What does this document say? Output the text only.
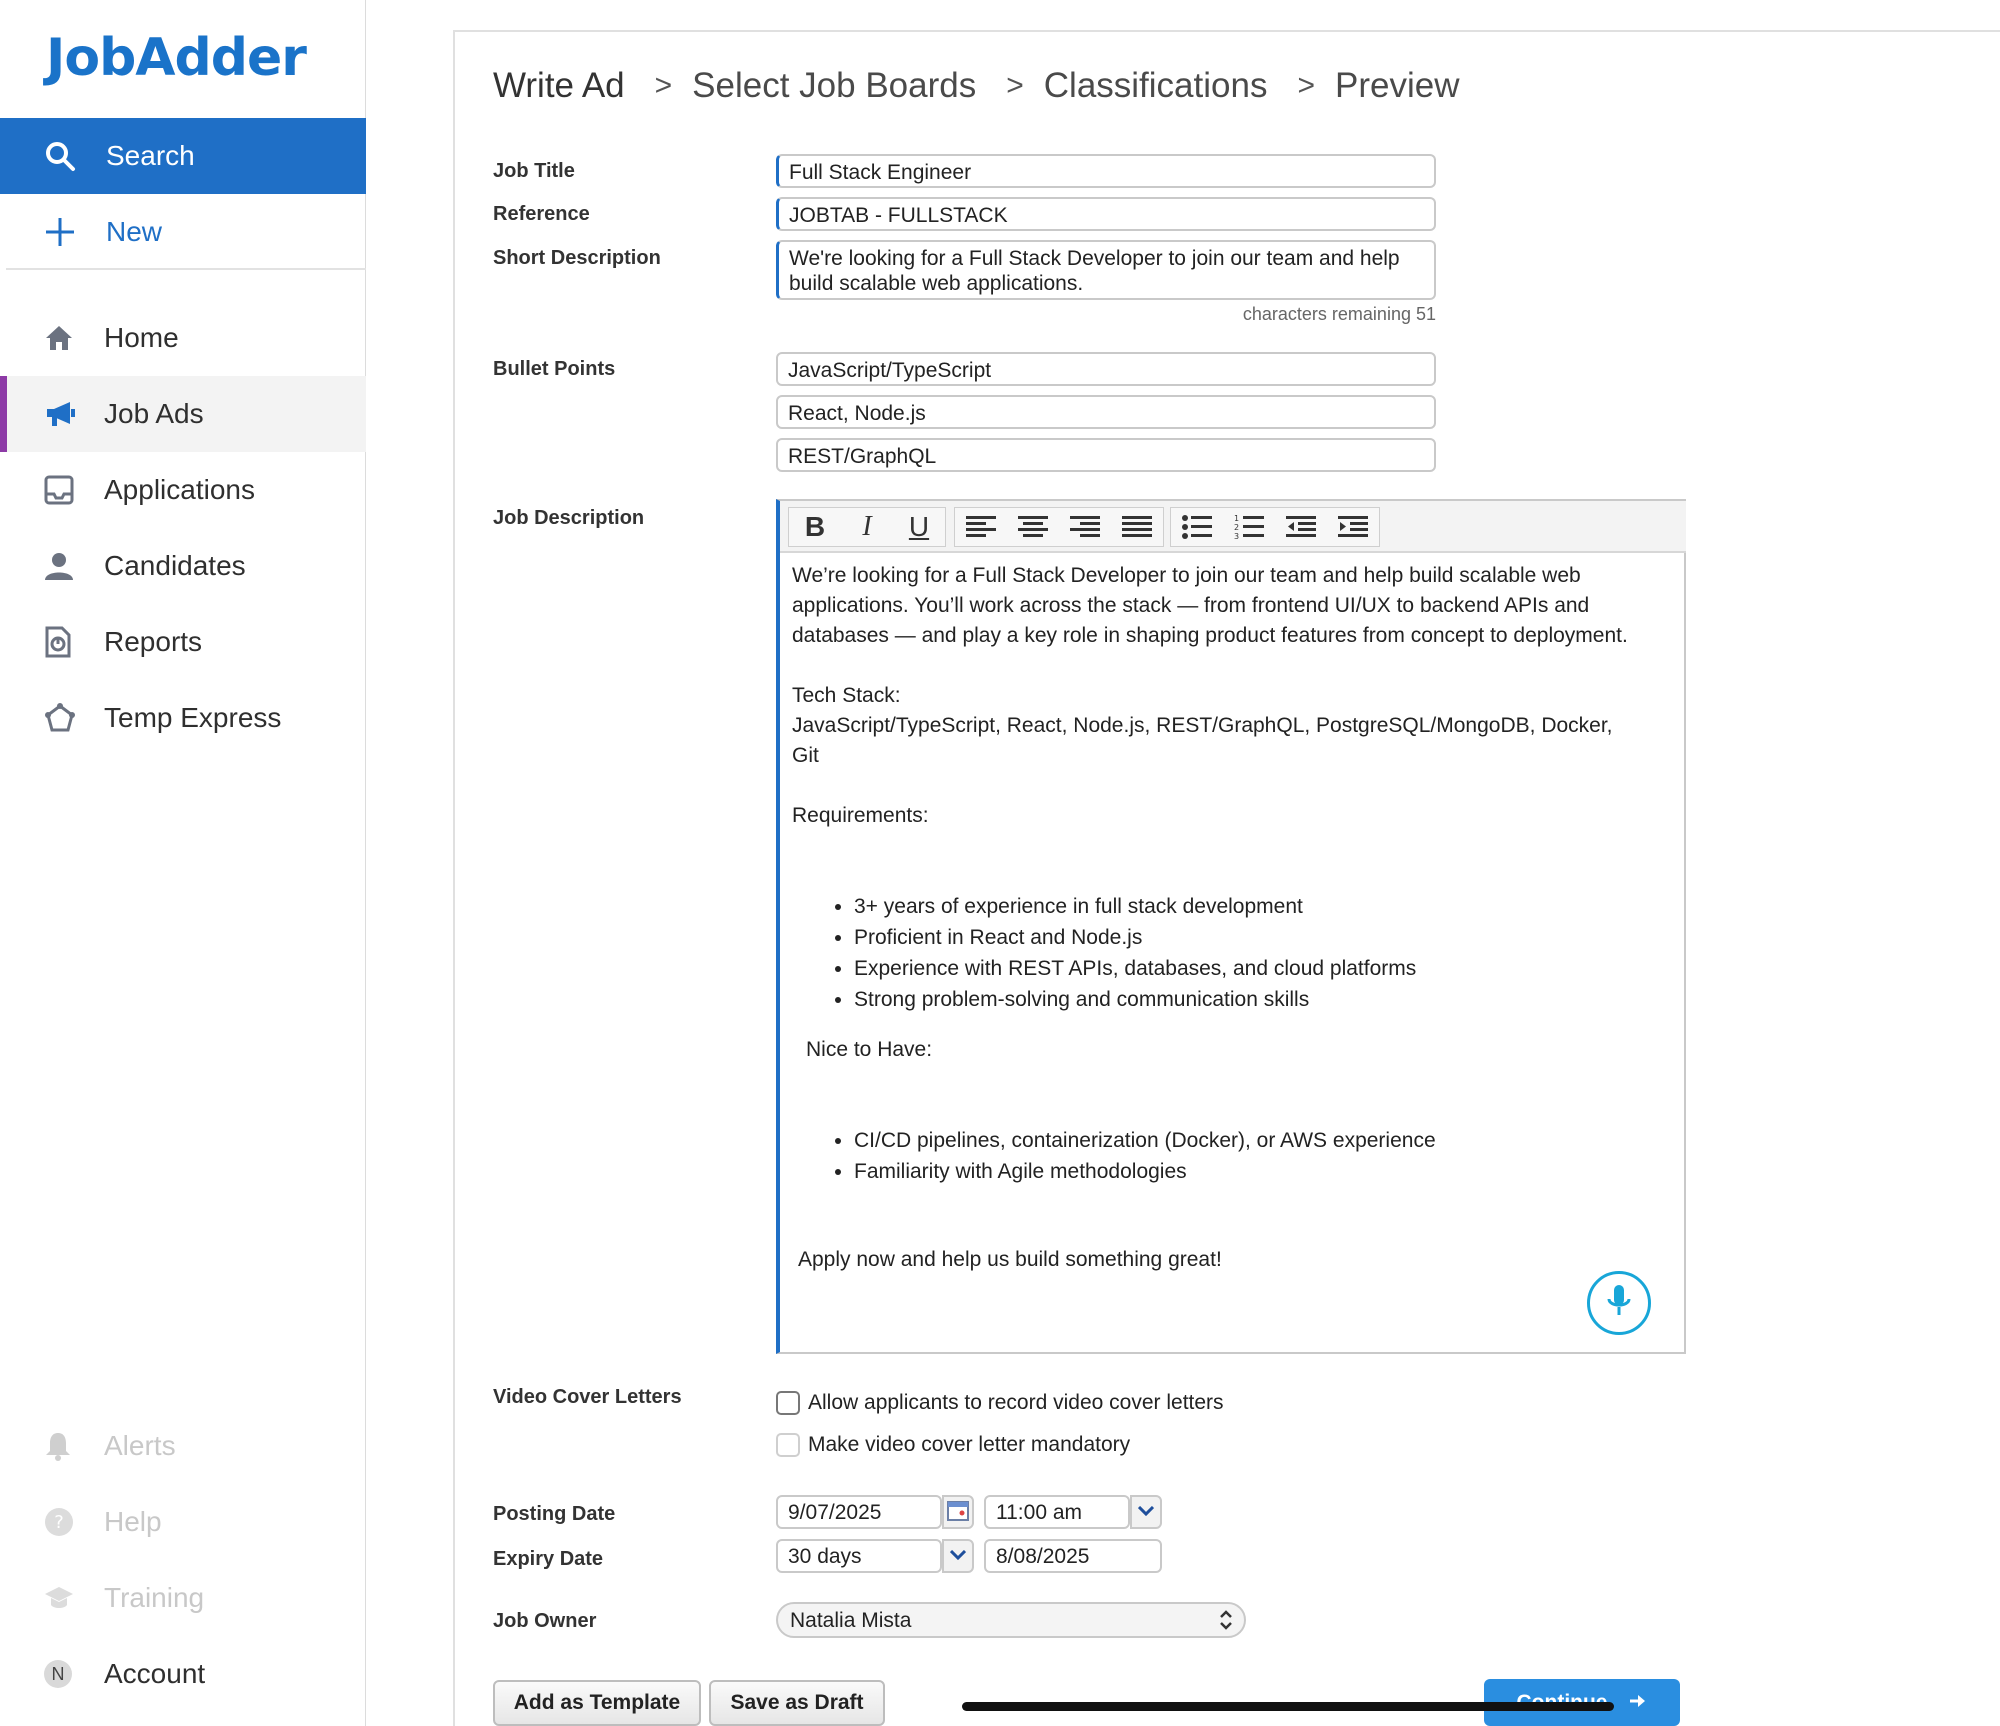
JobAdder
Search
New
Home
Job Ads
Applications
Candidates
Reports
Temp Express
Alerts
? Help
Training
N Account
Write Ad > Select Job Boards > Classifications > Preview
Job Title	Full Stack Engineer
Reference	JOBTAB - FULLSTACK
Short Description	We're looking for a Full Stack Developer to join our team and help build scalable web applications.
characters remaining 51
Bullet Points	JavaScript/TypeScript
React, Node.js
REST/GraphQL
Job Description	B	I	U	1
2
3

We’re looking for a Full Stack Developer to join our team and help build scalable web applications. You’ll work across the stack — from frontend UI/UX to backend APIs and databases — and play a key role in shaping product features from concept to deployment.

Tech Stack:

JavaScript/TypeScript, React, Node.js, REST/GraphQL, PostgreSQL/MongoDB, Docker, Git

Requirements:

• 3+ years of experience in full stack development
• Proficient in React and Node.js
• Experience with REST APIs, databases, and cloud platforms
• Strong problem-solving and communication skills

Nice to Have:

• CI/CD pipelines, containerization (Docker), or AWS experience
• Familiarity with Agile methodologies

Apply now and help us build something great!

Video Cover Letters	Allow applicants to record video cover letters
Make video cover letter mandatory
Posting Date	9/07/2025	11:00 am
Expiry Date	30 days	8/08/2025
Job Owner	Natalia Mista
Add as Template	Save as Draft
